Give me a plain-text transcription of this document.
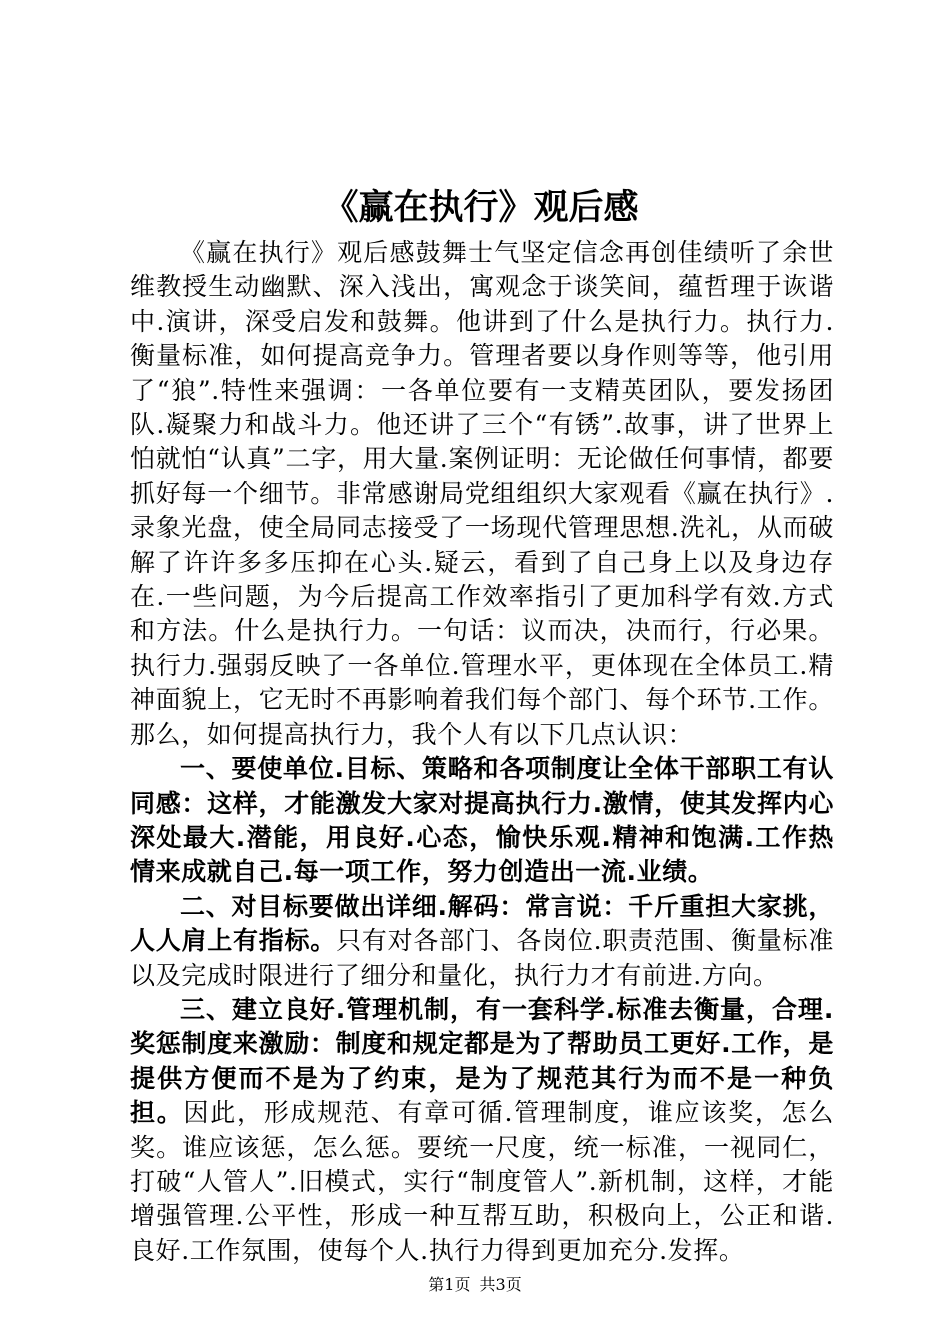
《赢在执行》观后感

《赢在执行》观后感鼓舞士气坚定信念再创佳绩听了余世维教授生动幽默、深入浅出，寓观念于谈笑间，蕴哲理于诙谐中.演讲，深受启发和鼓舞。他讲到了什么是执行力。执行力.衡量标准，如何提高竞争力。管理者要以身作则等等，他引用了“狼”.特性来强调：一各单位要有一支精英团队，要发扬团队.凝聚力和战斗力。他还讲了三个“有锈”.故事，讲了世界上怕就怕“认真”二字，用大量.案例证明：无论做任何事情，都要抓好每一个细节。非常感谢局党组组织大家观看《赢在执行》.录象光盘，使全局同志接受了一场现代管理思想.洗礼，从而破解了许许多多压抑在心头.疑云，看到了自己身上以及身边存在.一些问题，为今后提高工作效率指引了更加科学有效.方式和方法。什么是执行力。一句话：议而决，决而行，行必果。执行力.强弱反映了一各单位.管理水平，更体现在全体员工.精神面貌上，它无时不再影响着我们每个部门、每个环节.工作。那么，如何提高执行力，我个人有以下几点认识：

一、要使单位.目标、策略和各项制度让全体干部职工有认同感：这样，才能激发大家对提高执行力.激情，使其发挥内心深处最大.潜能，用良好.心态，愉快乐观.精神和饱满.工作热情来成就自己.每一项工作，努力创造出一流.业绩。

二、对目标要做出详细.解码：常言说：千斤重担大家挑，人人肩上有指标。只有对各部门、各岗位.职责范围、衡量标准以及完成时限进行了细分和量化，执行力才有前进.方向。

三、建立良好.管理机制，有一套科学.标准去衡量，合理.奖惩制度来激励：制度和规定都是为了帮助员工更好.工作，是提供方便而不是为了约束，是为了规范其行为而不是一种负担。因此，形成规范、有章可循.管理制度，谁应该奖，怎么奖。谁应该惩，怎么惩。要统一尺度，统一标准，一视同仁，打破“人管人”.旧模式，实行“制度管人”.新机制，这样，才能增强管理.公平性，形成一种互帮互助，积极向上，公正和谐.良好.工作氛围，使每个人.执行力得到更加充分.发挥。

第1页 共3页
